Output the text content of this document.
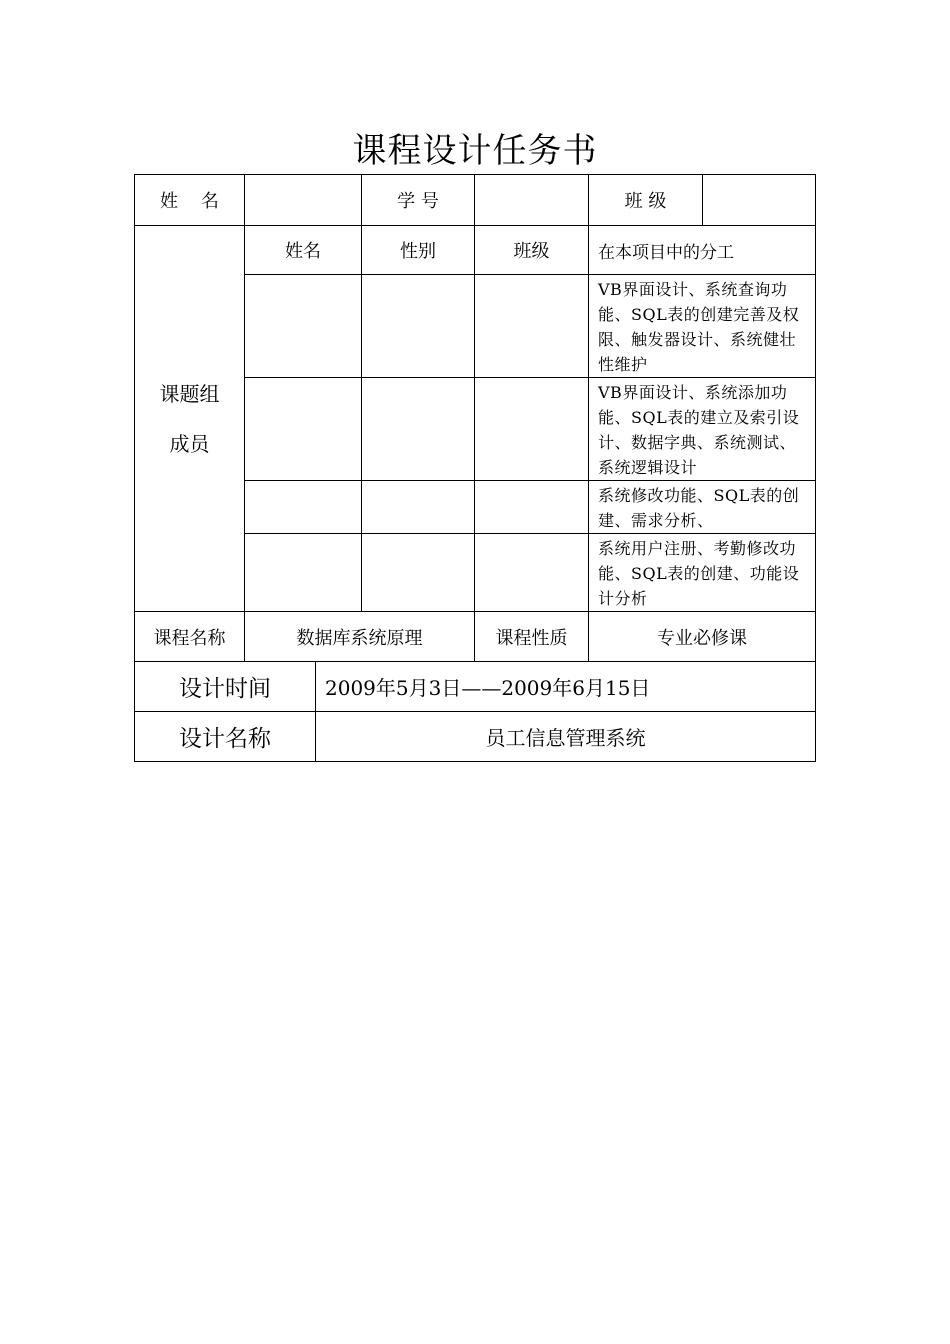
课程设计任务书
姓    名			学 号		班 级	

课题组
成员	姓名		性别	班级	在本项目中的分工	
					VB界面设计、系统查询功能、SQL表的创建完善及权限、触发器设计、系统健壮性维护	
					VB界面设计、系统添加功能、SQL表的建立及索引设计、数据字典、系统测试、系统逻辑设计	
					系统修改功能、SQL表的创建、需求分析、	
					系统用户注册、考勤修改功能、SQL表的创建、功能设计分析	
课程名称	数据库系统原理			课程性质	专业必修课	
设计时间		2009年5月3日——2009年6月15日				
设计名称		员工信息管理系统				
